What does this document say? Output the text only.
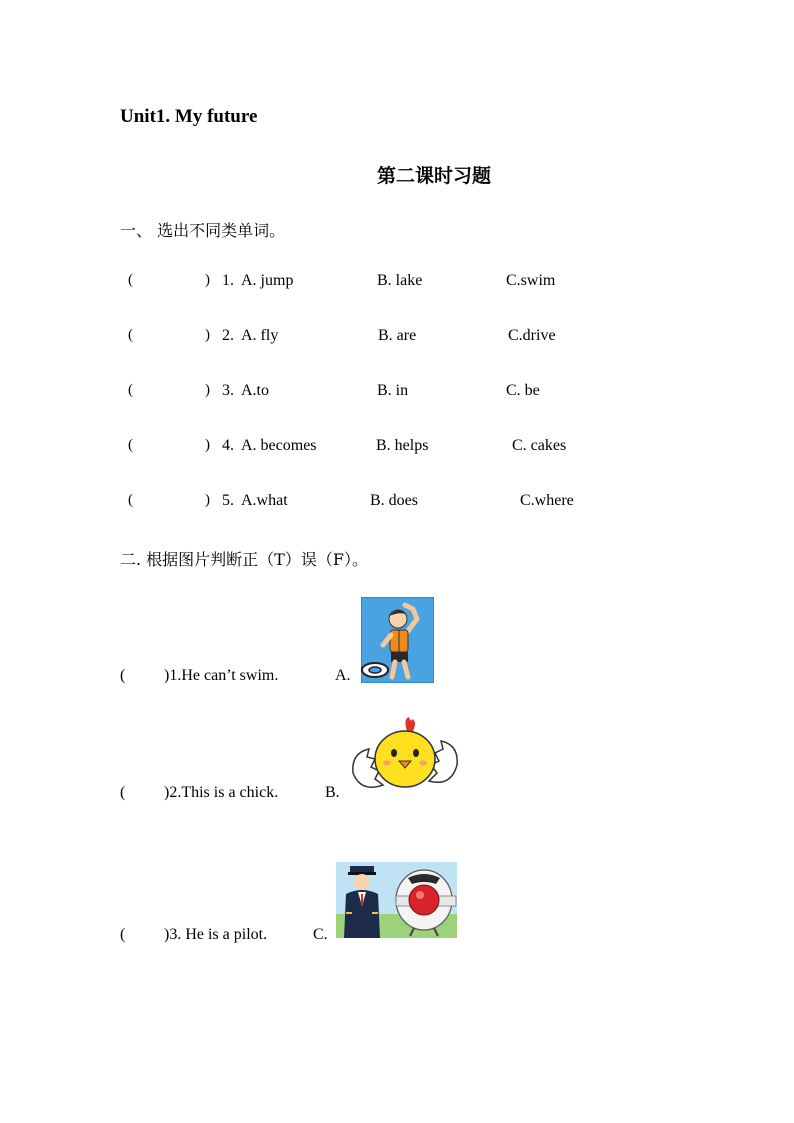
Unit1. My future
第二课时习题
一、 选出不同类单词。
(	) 1. A. jump	B. lake	C.swim
(	) 2. A. fly	B. are	C.drive
(	) 3. A.to	B. in	C. be
(	) 4. A. becomes	B. helps	C. cakes
(	) 5. A.what	B. does	C.where
二. 根据图片判断正（T）误（F）。
( )1.He can’t swim.	A.
( )2.This is a chick.	B.
( )3. He is a pilot.	C.
